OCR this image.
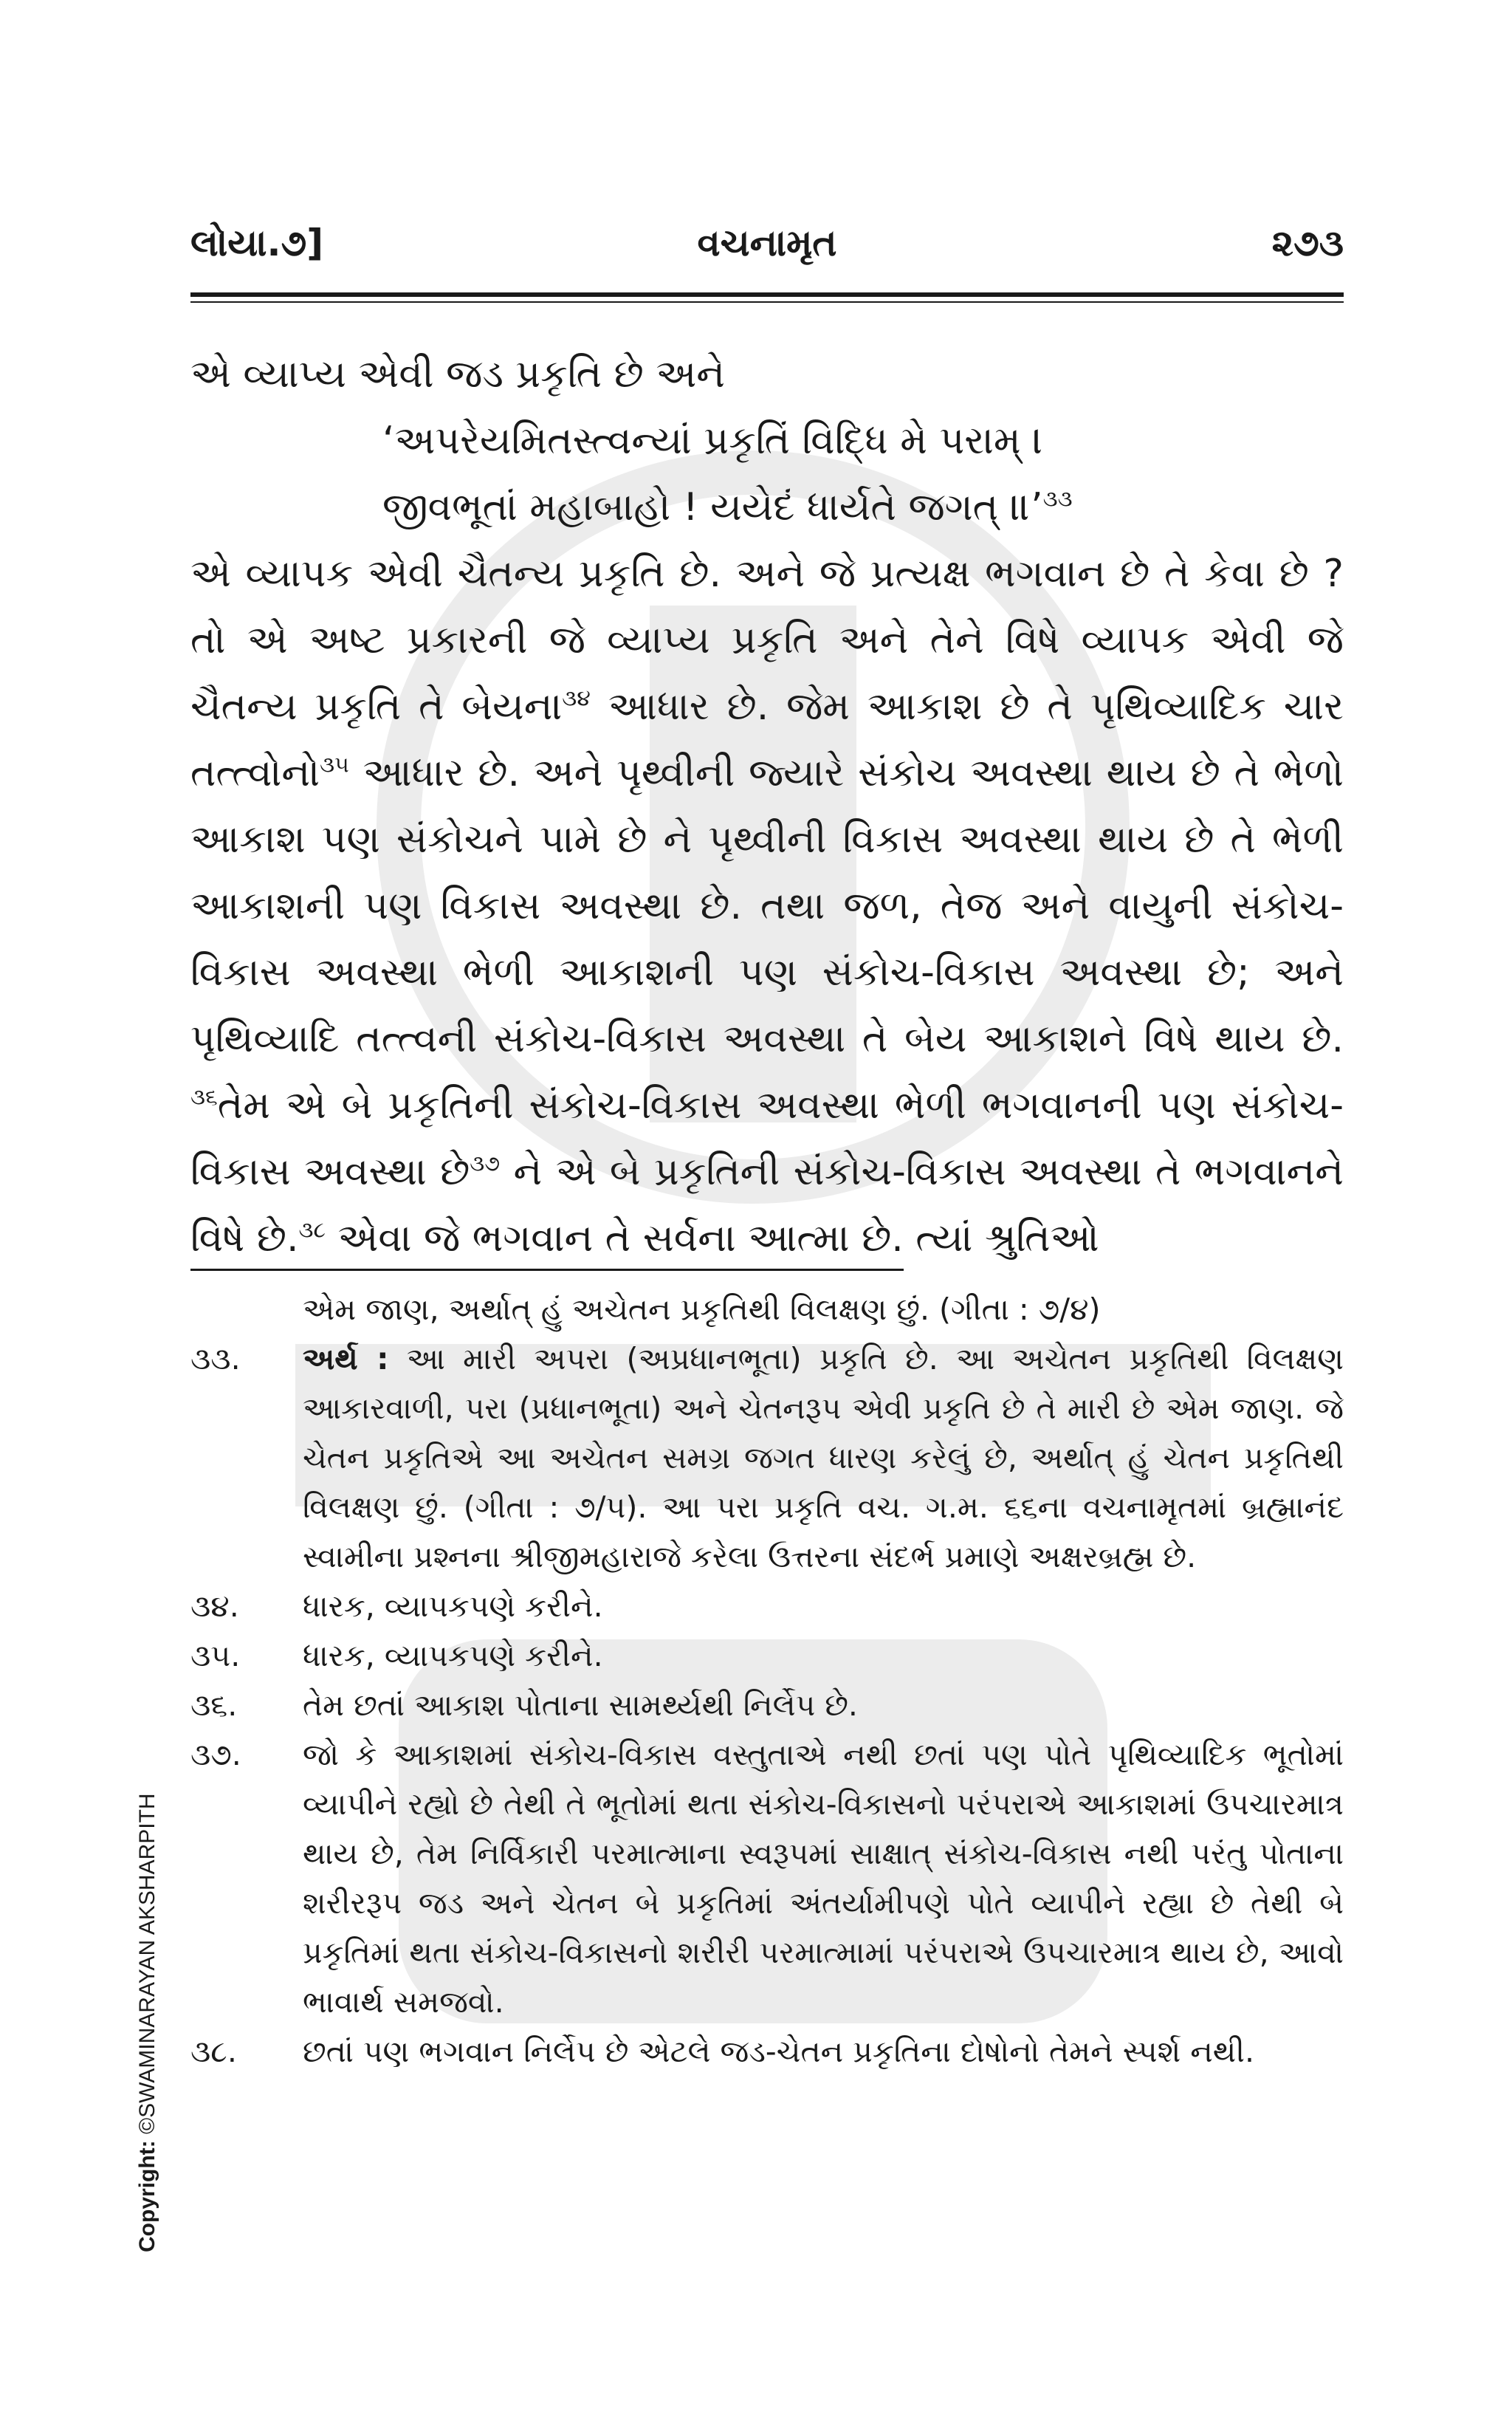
લોયા.૭]	વચનામૃત	૨૭૩

એ વ્યાપ્ય એવી જડ પ્રકૃતિ છે અને

‘અપરેયમિતસ્ત્વન્યાં પ્રકૃતિં વિદ્ધિ મે પરામ્ ।
જીવભૂતાં મહાબાહો ! યયેદં ધાર્યતે જગત્ ॥’$^{૩૩}$

એ વ્યાપક એવી ચૈતન્ય પ્રકૃતિ છે. અને જે પ્રત્યક્ષ ભગવાન છે તે કેવા છે ? તો એ અષ્ટ પ્રકારની જે વ્યાપ્ય પ્રકૃતિ અને તેને વિષે વ્યાપક એવી જે ચૈતન્ય પ્રકૃતિ તે બેયના$^{૩૪}$ આધાર છે. જેમ આકાશ છે તે પૃથિવ્યાદિક ચાર તત્ત્વોનો$^{૩૫}$ આધાર છે. અને પૃથ્વીની જ્યારે સંકોચ અવસ્થા થાય છે તે ભેળો આકાશ પણ સંકોચને પામે છે ને પૃથ્વીની વિકાસ અવસ્થા થાય છે તે ભેળી આકાશની પણ વિકાસ અવસ્થા છે. તથા જળ, તેજ અને વાયુની સંકોચ-વિકાસ અવસ્થા ભેળી આકાશની પણ સંકોચ-વિકાસ અવસ્થા છે; અને પૃથિવ્યાદિ તત્ત્વની સંકોચ-વિકાસ અવસ્થા તે બેય આકાશને વિષે થાય છે. $^{૩૬}$તેમ એ બે પ્રકૃતિની સંકોચ-વિકાસ અવસ્થા ભેળી ભગવાનની પણ સંકોચ-વિકાસ અવસ્થા છે$^{૩૭}$ ને એ બે પ્રકૃતિની સંકોચ-વિકાસ અવસ્થા તે ભગવાનને વિષે છે.$^{૩૮}$ એવા જે ભગવાન તે સર્વના આત્મા છે. ત્યાં શ્રુતિઓ

એમ જાણ, અર્થાત્ હું અચેતન પ્રકૃતિથી વિલક્ષણ છું. (ગીતા : ૭/૪)
૩૩.	અર્થ : આ મારી અપરા (અપ્રધાનભૂતા) પ્રકૃતિ છે. આ અચેતન પ્રકૃતિથી વિલક્ષણ આકારવાળી, પરા (પ્રધાનભૂતા) અને ચેતનરૂપ એવી પ્રકૃતિ છે તે મારી છે એમ જાણ. જે ચેતન પ્રકૃતિએ આ અચેતન સમગ્ર જગત ધારણ કરેલું છે, અર્થાત્ હું ચેતન પ્રકૃતિથી વિલક્ષણ છું. (ગીતા : ૭/૫). આ પરા પ્રકૃતિ વચ. ગ.મ. ૬૬ના વચનામૃતમાં બ્રહ્માનંદ સ્વામીના પ્રશ્નના શ્રીજીમહારાજે કરેલા ઉત્તરના સંદર્ભ પ્રમાણે અક્ષરબ્રહ્મ છે.
૩૪.	ધારક, વ્યાપકપણે કરીને.
૩૫.	ધારક, વ્યાપકપણે કરીને.
૩૬.	તેમ છતાં આકાશ પોતાના સામર્થ્યથી નિર્લેપ છે.
૩૭.	જો કે આકાશમાં સંકોચ-વિકાસ વસ્તુતાએ નથી છતાં પણ પોતે પૃથિવ્યાદિક ભૂતોમાં વ્યાપીને રહ્યો છે તેથી તે ભૂતોમાં થતા સંકોચ-વિકાસનો પરંપરાએ આકાશમાં ઉપચારમાત્ર થાય છે, તેમ નિર્વિકારી પરમાત્માના સ્વરૂપમાં સાક્ષાત્ સંકોચ-વિકાસ નથી પરંતુ પોતાના શરીરરૂપ જડ અને ચેતન બે પ્રકૃતિમાં અંતર્યામીપણે પોતે વ્યાપીને રહ્યા છે તેથી બે પ્રકૃતિમાં થતા સંકોચ-વિકાસનો શરીરી પરમાત્મામાં પરંપરાએ ઉપચારમાત્ર થાય છે, આવો ભાવાર્થ સમજવો.
૩૮.	છતાં પણ ભગવાન નિર્લેપ છે એટલે જડ-ચેતન પ્રકૃતિના દોષોનો તેમને સ્પર્શ નથી.
Copyright: ©SWAMINARAYAN AKSHARPITH
